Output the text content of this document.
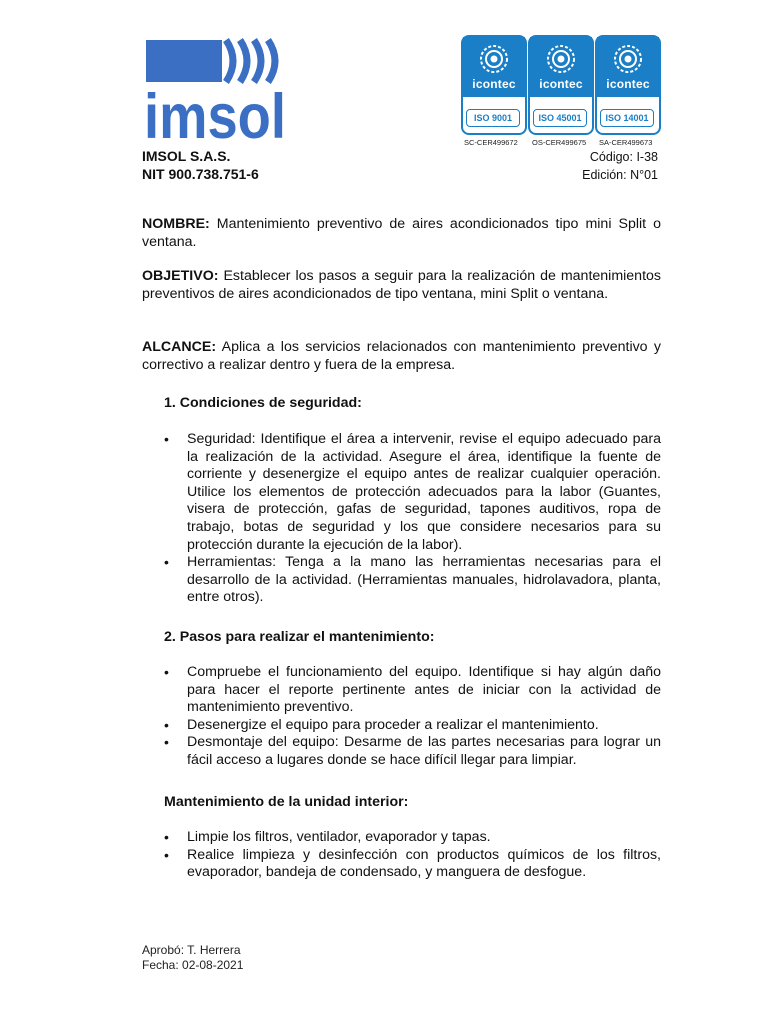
imsol
IMSOL S.A.S.
NIT 900.738.751-6
icontec
ISO 9001
icontec
ISO 45001
icontec
ISO 14001
SC-CER499672 OS-CER499675 SA-CER499673
Código: I-38
Edición: N°01

NOMBRE: Mantenimiento preventivo de aires acondicionados tipo mini Split o ventana.

OBJETIVO: Establecer los pasos a seguir para la realización de mantenimientos preventivos de aires acondicionados de tipo ventana, mini Split o ventana.

ALCANCE: Aplica a los servicios relacionados con mantenimiento preventivo y correctivo a realizar dentro y fuera de la empresa.

1. Condiciones de seguridad:
• Seguridad: Identifique el área a intervenir, revise el equipo adecuado para la realización de la actividad. Asegure el área, identifique la fuente de corriente y desenergize el equipo antes de realizar cualquier operación. Utilice los elementos de protección adecuados para la labor (Guantes, visera de protección, gafas de seguridad, tapones auditivos, ropa de trabajo, botas de seguridad y los que considere necesarios para su protección durante la ejecución de la labor).
• Herramientas: Tenga a la mano las herramientas necesarias para el desarrollo de la actividad. (Herramientas manuales, hidrolavadora, planta, entre otros).
2. Pasos para realizar el mantenimiento:
• Compruebe el funcionamiento del equipo. Identifique si hay algún daño para hacer el reporte pertinente antes de iniciar con la actividad de mantenimiento preventivo.
• Desenergize el equipo para proceder a realizar el mantenimiento.
• Desmontaje del equipo: Desarme de las partes necesarias para lograr un fácil acceso a lugares donde se hace difícil llegar para limpiar.
Mantenimiento de la unidad interior:
• Limpie los filtros, ventilador, evaporador y tapas.
• Realice limpieza y desinfección con productos químicos de los filtros, evaporador, bandeja de condensado, y manguera de desfogue.
Aprobó: T. Herrera
Fecha: 02-08-2021
